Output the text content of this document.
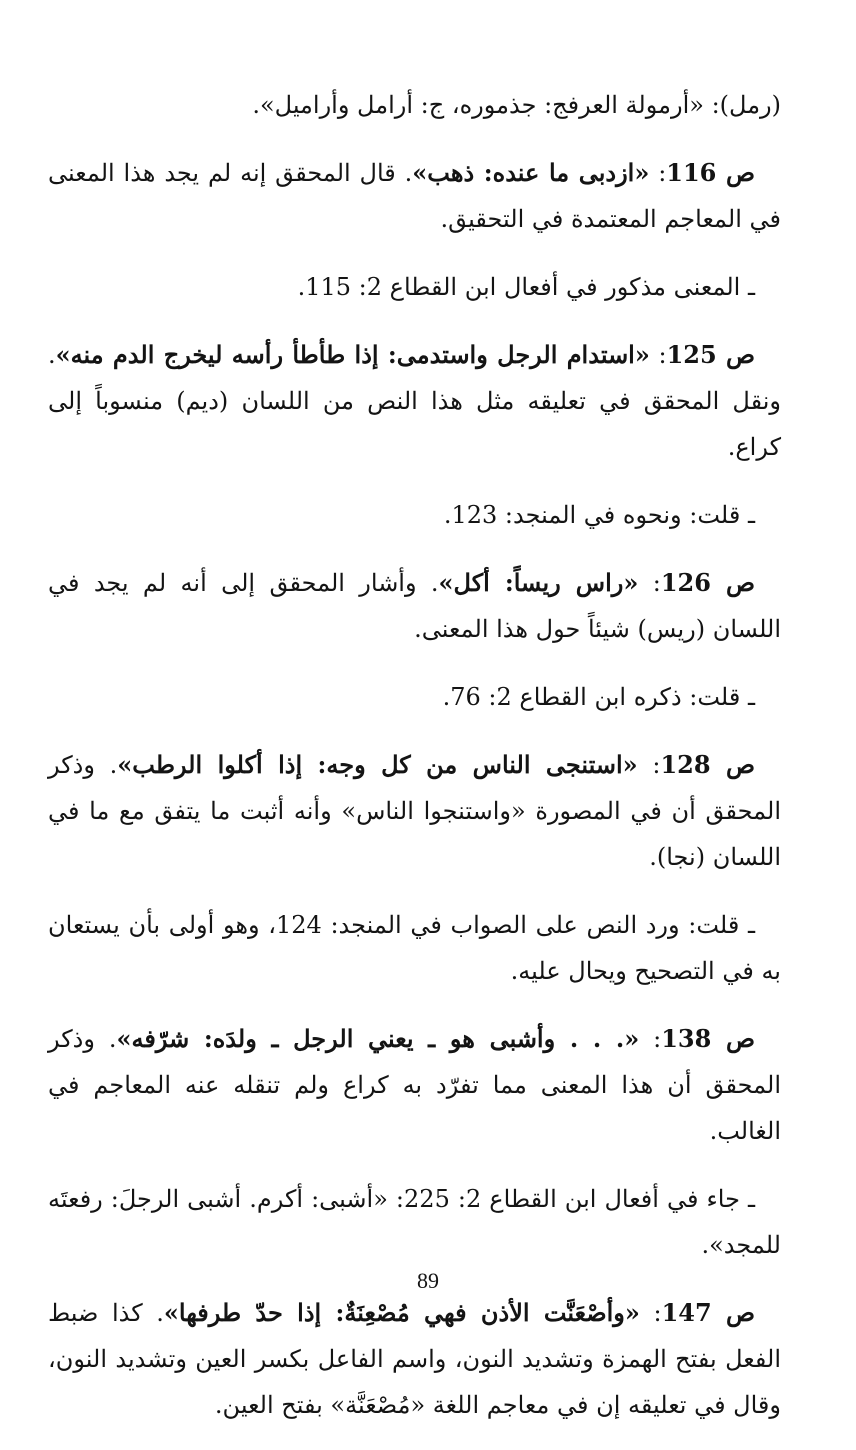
(رمل): «أرمولة العرفج: جذموره، ج: أرامل وأراميل».

ص 116: «ازدبى ما عنده: ذهب». قال المحقق إنه لم يجد هذا المعنى في المعاجم المعتمدة في التحقيق.

ـ المعنى مذكور في أفعال ابن القطاع 2: 115.

ص 125: «استدام الرجل واستدمى: إذا طأطأ رأسه ليخرج الدم منه». ونقل المحقق في تعليقه مثل هذا النص من اللسان (ديم) منسوباً إلى كراع.

ـ قلت: ونحوه في المنجد: 123.

ص 126: «راس ريساً: أكل». وأشار المحقق إلى أنه لم يجد في اللسان (ريس) شيئاً حول هذا المعنى.

ـ قلت: ذكره ابن القطاع 2: 76.

ص 128: «استنجى الناس من كل وجه: إذا أكلوا الرطب». وذكر المحقق أن في المصورة «واستنجوا الناس» وأنه أثبت ما يتفق مع ما في اللسان (نجا).

ـ قلت: ورد النص على الصواب في المنجد: 124، وهو أولى بأن يستعان به في التصحيح ويحال عليه.

ص 138: «. . . وأشبى هو ـ يعني الرجل ـ ولدَه: شرّفه». وذكر المحقق أن هذا المعنى مما تفرّد به كراع ولم تنقله عنه المعاجم في الغالب.

ـ جاء في أفعال ابن القطاع 2: 225: «أشبى: أكرم. أشبى الرجلَ: رفعتَه للمجد».

ص 147: «وأصْعَنَّت الأذن فهي مُصْعِنَةٌ: إذا حدّ طرفها». كذا ضبط الفعل بفتح الهمزة وتشديد النون، واسم الفاعل بكسر العين وتشديد النون، وقال في تعليقه إن في معاجم اللغة «مُصْعَنَّة» بفتح العين.

89
